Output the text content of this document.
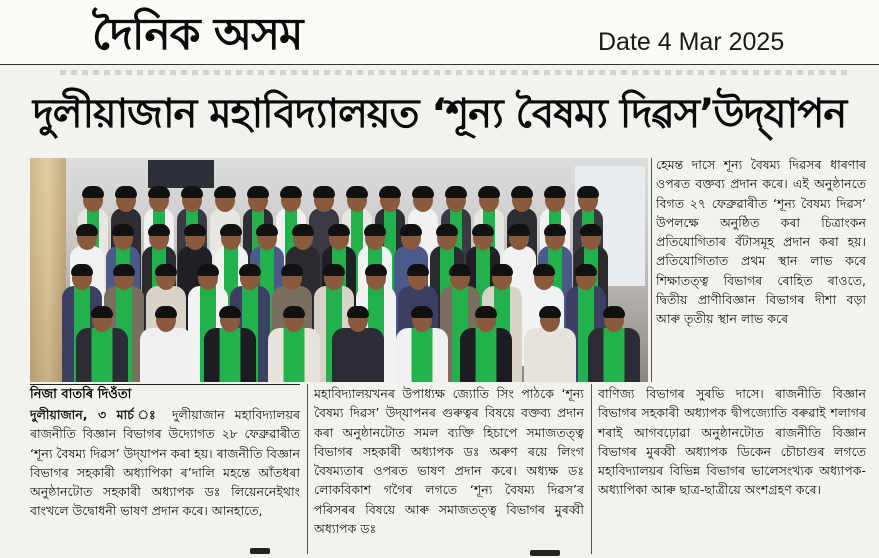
দৈনিক অসম	Date 4 Mar 2025
দুলীয়াজান মহাবিদ্যালয়ত ‘শূন্য বৈষম্য দিৱস’উদ্‌যাপন
হেমন্ত দাসে শূন্য বৈষম্য দিৱসৰ ধাৰণাৰ ওপৰত বক্তব্য প্ৰদান কৰে। এই অনুষ্ঠানতে বিগত ২৭ ফেব্ৰুৱাৰীত ‘শূন্য বৈষম্য দিৱস’ উপলক্ষে অনুষ্ঠিত কৰা চিত্ৰাংকন প্ৰতিযোগিতাৰ বঁটাসমূহ প্ৰদান কৰা হয়। প্ৰতিযোগিতাত প্ৰথম স্থান লাভ কৰে শিক্ষাতত্ত্ব বিভাগৰ ৰোহিত ৰাওতে, দ্বিতীয় প্ৰাণীবিজ্ঞান বিভাগৰ দীশা বড়া আৰু তৃতীয় স্থান লাভ কৰে
নিজা বাতৰি দিওঁতা
দুলীয়াজান, ৩ মাৰ্চ ঃ দুলীয়াজান মহাবিদ্যালয়ৰ ৰাজনীতি বিজ্ঞান বিভাগৰ উদ্যোগত ২৮ ফেব্ৰুৱাৰীত ‘শূন্য বৈষম্য দিৱস’ উদ্‌যাপন কৰা হয়। ৰাজনীতি বিজ্ঞান বিভাগৰ সহকাৰী অধ্যাপিকা ৰ’দালি মহন্তে আঁতধৰা অনুষ্ঠানটোত সহকাৰী অধ্যাপক ডঃ লিয়েননেইথাং বাংখলে উদ্বোধনী ভাষণ প্ৰদান কৰে। আনহাতে,
মহাবিদ্যালয়খনৰ উপাধ্যক্ষ জ্যোতি সিং পাঠকে ‘শূন্য বৈষম্য দিৱস’ উদ্‌যাপনৰ গুৰুত্বৰ বিষয়ে বক্তব্য প্ৰদান কৰা অনুষ্ঠানটোত সমল ব্যক্তি হিচাপে সমাজতত্ত্ব বিভাগৰ সহকাৰী অধ্যাপক ডঃ অৰুণ ৰয়ে লিংগ বৈষম্যতাৰ ওপৰত ভাষণ প্ৰদান কৰে। অধ্যক্ষ ডঃ লোকবিকাশ গগৈৰ লগতে ‘শূন্য বৈষম্য দিৱস’ৰ পৰিসৰৰ বিষয়ে আৰু সমাজতত্ত্ব বিভাগৰ মুৰব্বী অধ্যাপক ডঃ
বাণিজ্য বিভাগৰ সুৰভি দাসে। ৰাজনীতি বিজ্ঞান বিভাগৰ সহকাৰী অধ্যাপক দ্বীপজ্যোতি বৰুৱাই শলাগৰ শৰাই আগবঢ়োৱা অনুষ্ঠানটোত ৰাজনীতি বিজ্ঞান বিভাগৰ মুৰব্বী অধ্যাপক ডিকেন চৌচাগুৰ লগতে মহাবিদ্যালয়ৰ বিভিন্ন বিভাগৰ ভালেসংখ্যক অধ্যাপক-অধ্যাপিকা আৰু ছাত্ৰ-ছাত্ৰীয়ে অংশগ্ৰহণ কৰে।
